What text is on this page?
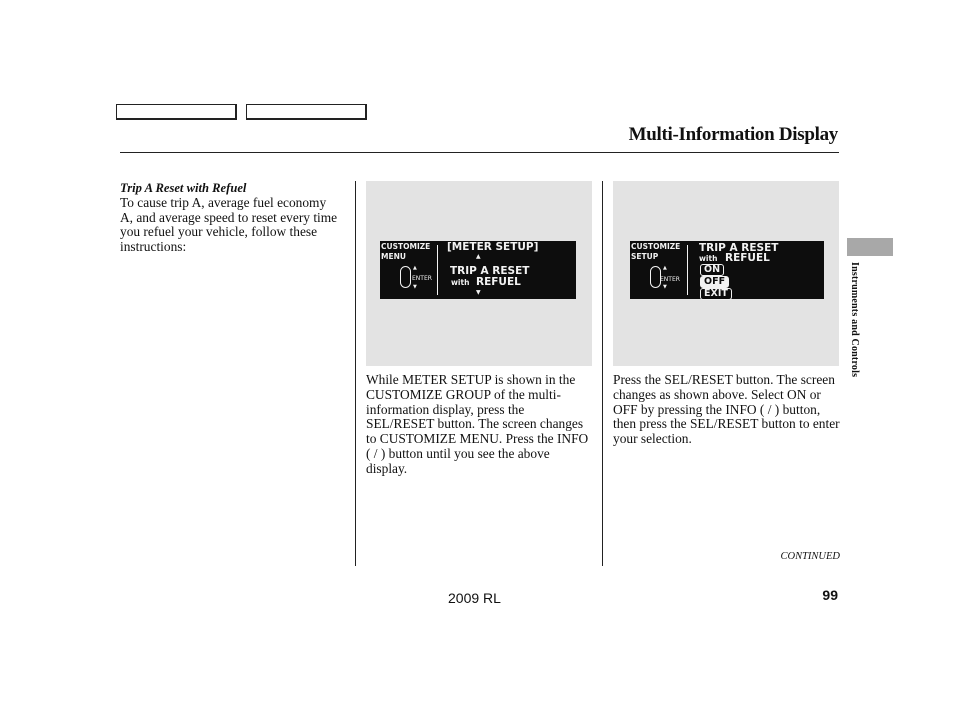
Multi-Information Display
Trip A Reset with Refuel
To cause trip A, average fuel economy A, and average speed to reset every time you refuel your vehicle, follow these instructions:	CUSTOMIZE
MENU
▲
▼
ENTER
[METER SETUP]
▲
TRIP A RESET
with REFUEL
▼
CUSTOMIZE
SETUP
▲
▼
ENTER
TRIP A RESET
with REFUEL
ON
OFF
EXIT
While METER SETUP is shown in the CUSTOMIZE GROUP of the multi-information display, press the SEL/RESET button. The screen changes to CUSTOMIZE MENU. Press the INFO ( / ) button until you see the above display.
Press the SEL/RESET button. The screen changes as shown above. Select ON or OFF by pressing the INFO ( / ) button, then press the SEL/RESET button to enter your selection.
Instruments and Controls
CONTINUED
2009 RL	99
